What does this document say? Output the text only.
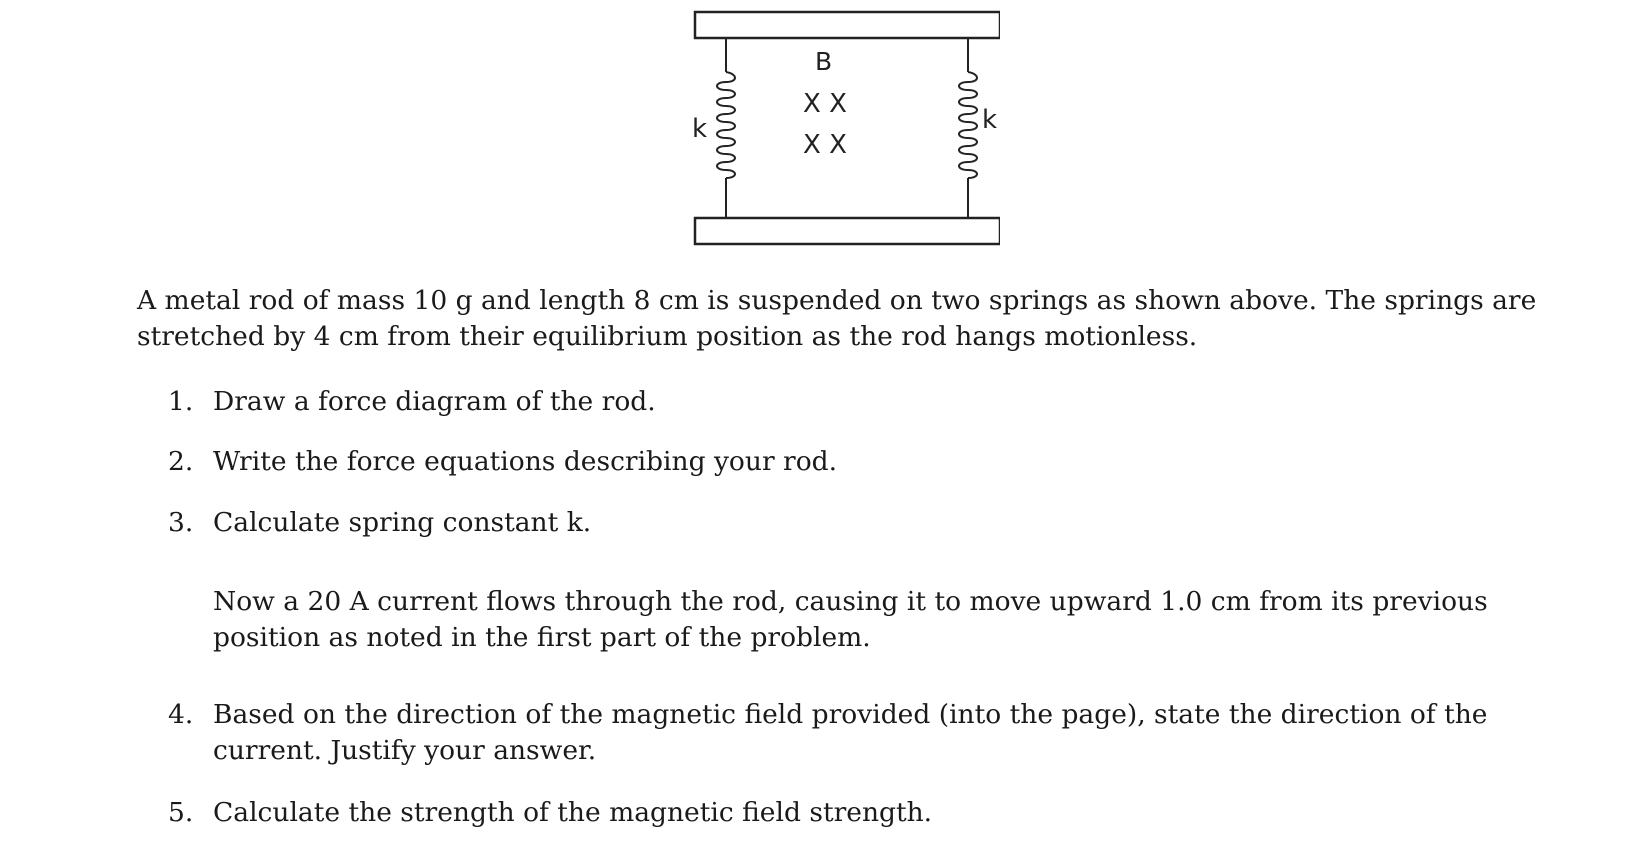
k	k
B
X X
X X

A metal rod of mass 10 g and length 8 cm is suspended on two springs as shown above. The springs are stretched by 4 cm from their equilibrium position as the rod hangs motionless.

1. Draw a force diagram of the rod.
2. Write the force equations describing your rod.
3. Calculate spring constant k.

Now a 20 A current flows through the rod, causing it to move upward 1.0 cm from its previous position as noted in the first part of the problem.

4. Based on the direction of the magnetic field provided (into the page), state the direction of the current. Justify your answer.
5. Calculate the strength of the magnetic field strength.
